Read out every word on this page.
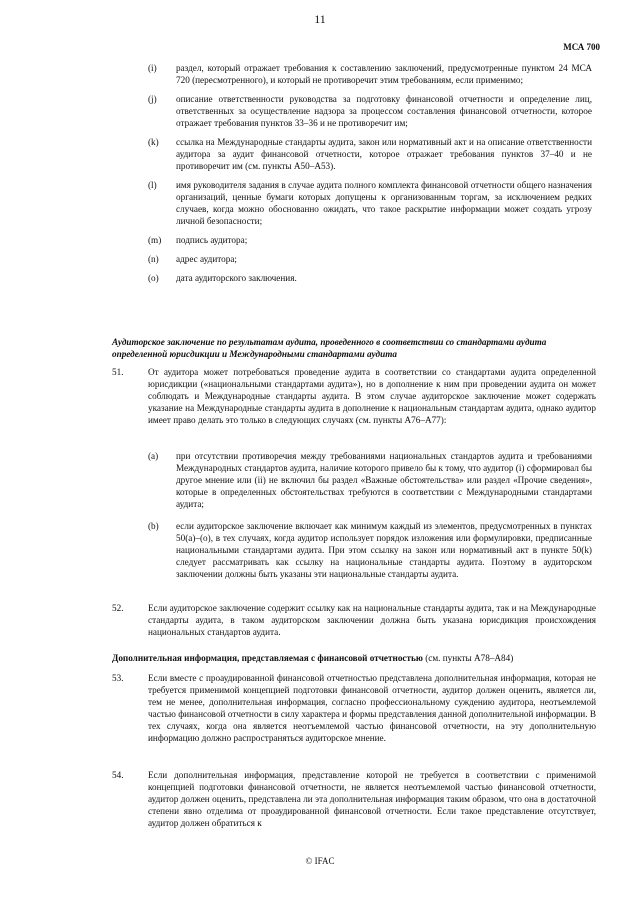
11
МСА 700
(i)	раздел, который отражает требования к составлению заключений, предусмотренные пунктом 24 МСА 720 (пересмотренного), и который не противоречит этим требованиям, если применимо;
(j)	описание ответственности руководства за подготовку финансовой отчетности и определение лиц, ответственных за осуществление надзора за процессом составления финансовой отчетности, которое отражает требования пунктов 33–36 и не противоречит им;
(k)	ссылка на Международные стандарты аудита, закон или нормативный акт и на описание ответственности аудитора за аудит финансовой отчетности, которое отражает требования пунктов 37–40 и не противоречит им (см. пункты A50–A53).
(l)	имя руководителя задания в случае аудита полного комплекта финансовой отчетности общего назначения организаций, ценные бумаги которых допущены к организованным торгам, за исключением редких случаев, когда можно обоснованно ожидать, что такое раскрытие информации может создать угрозу личной безопасности;
(m)	подпись аудитора;
(n)	адрес аудитора;
(o)	дата аудиторского заключения.
Аудиторское заключение по результатам аудита, проведенного в соответствии со стандартами аудита определенной юрисдикции и Международными стандартами аудита
51.	От аудитора может потребоваться проведение аудита в соответствии со стандартами аудита определенной юрисдикции («национальными стандартами аудита»), но в дополнение к ним при проведении аудита он может соблюдать и Международные стандарты аудита. В этом случае аудиторское заключение может содержать указание на Международные стандарты аудита в дополнение к национальным стандартам аудита, однако аудитор имеет право делать это только в следующих случаях (см. пункты A76–A77):
(a)	при отсутствии противоречия между требованиями национальных стандартов аудита и требованиями Международных стандартов аудита, наличие которого привело бы к тому, что аудитор (i) сформировал бы другое мнение или (ii) не включил бы раздел «Важные обстоятельства» или раздел «Прочие сведения», которые в определенных обстоятельствах требуются в соответствии с Международными стандартами аудита;
(b)	если аудиторское заключение включает как минимум каждый из элементов, предусмотренных в пунктах 50(a)–(o), в тех случаях, когда аудитор использует порядок изложения или формулировки, предписанные национальными стандартами аудита. При этом ссылку на закон или нормативный акт в пункте 50(k) следует рассматривать как ссылку на национальные стандарты аудита. Поэтому в аудиторском заключении должны быть указаны эти национальные стандарты аудита.
52.	Если аудиторское заключение содержит ссылку как на национальные стандарты аудита, так и на Международные стандарты аудита, в таком аудиторском заключении должна быть указана юрисдикция происхождения национальных стандартов аудита.
Дополнительная информация, представляемая с финансовой отчетностью (см. пункты A78–A84)
53.	Если вместе с проаудированной финансовой отчетностью представлена дополнительная информация, которая не требуется применимой концепцией подготовки финансовой отчетности, аудитор должен оценить, является ли, тем не менее, дополнительная информация, согласно профессиональному суждению аудитора, неотъемлемой частью финансовой отчетности в силу характера и формы представления данной дополнительной информации. В тех случаях, когда она является неотъемлемой частью финансовой отчетности, на эту дополнительную информацию должно распространяться аудиторское мнение.
54.	Если дополнительная информация, представление которой не требуется в соответствии с применимой концепцией подготовки финансовой отчетности, не является неотъемлемой частью финансовой отчетности, аудитор должен оценить, представлена ли эта дополнительная информация таким образом, что она в достаточной степени явно отделима от проаудированной финансовой отчетности. Если такое представление отсутствует, аудитор должен обратиться к
© IFAC
